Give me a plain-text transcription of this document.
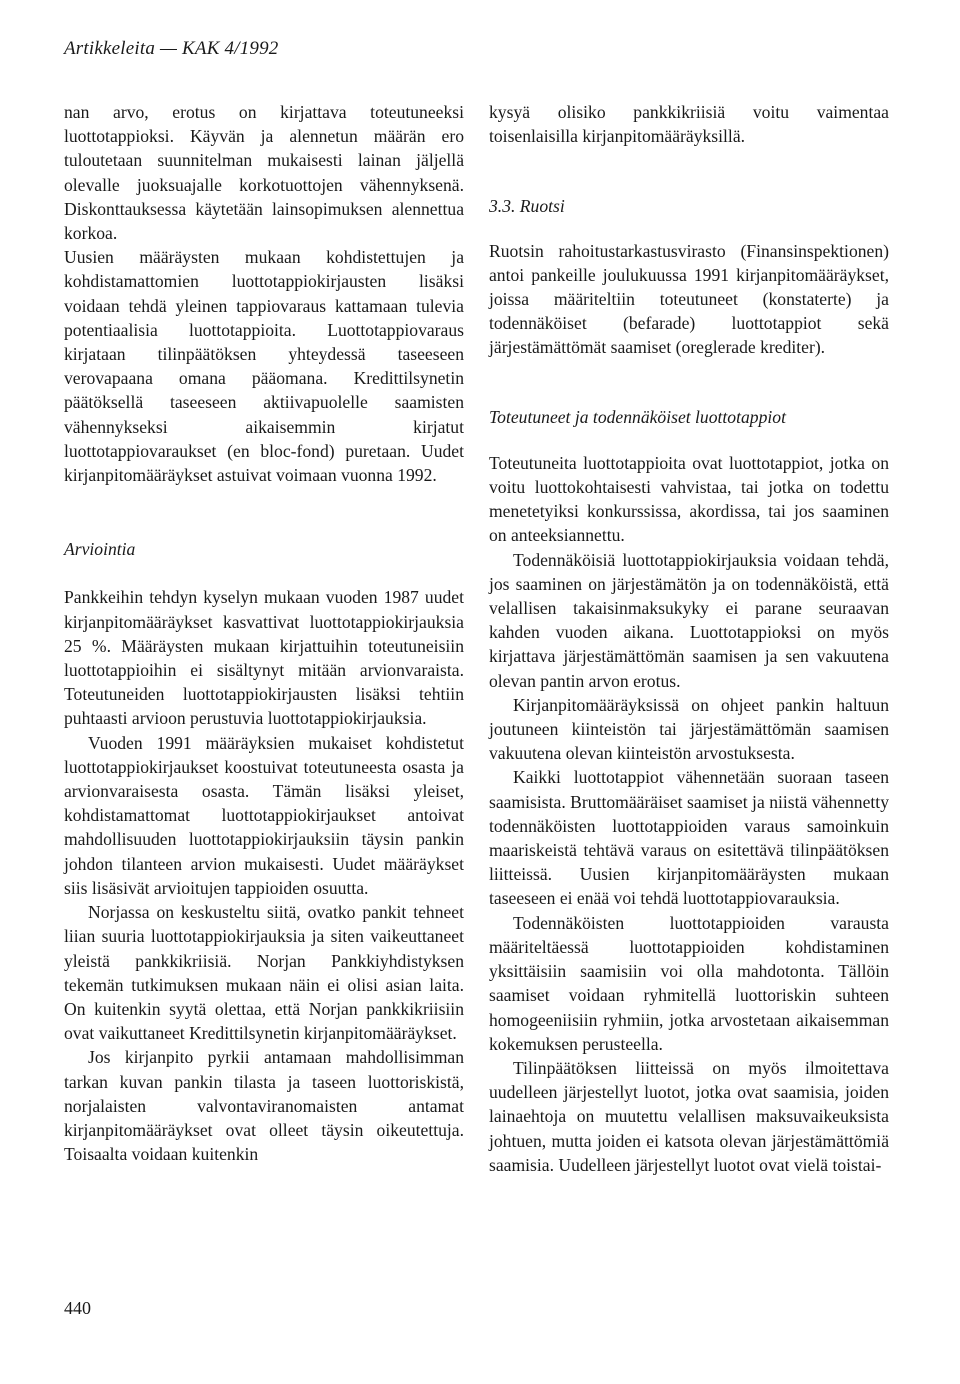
Artikkeleita — KAK 4/1992

nan arvo, erotus on kirjattava toteutuneeksi luottotappioksi. Käyvän ja alennetun määrän ero tuloutetaan suunnitelman mukaisesti lainan jäljellä olevalle juoksuajalle korkotuottojen vähennyksenä. Diskonttauksessa käytetään lainsopimuksen alennettua korkoa.

Uusien määräysten mukaan kohdistettujen ja kohdistamattomien luottotappiokirjausten lisäksi voidaan tehdä yleinen tappiovaraus kattamaan tulevia potentiaalisia luottotappioita. Luottotappiovaraus kirjataan tilinpäätöksen yhteydessä taseeseen verovapaana omana pääomana. Kredittilsynetin päätöksellä taseeseen aktiivapuolelle saamisten vähennykseksi aikaisemmin kirjatut luottotappiovaraukset (en bloc-fond) puretaan. Uudet kirjanpitomääräykset astuivat voimaan vuonna 1992.

Arviointia

Pankkeihin tehdyn kyselyn mukaan vuoden 1987 uudet kirjanpitomääräykset kasvattivat luottotappiokirjauksia 25 %. Määräysten mukaan kirjattuihin toteutuneisiin luottotappioihin ei sisältynyt mitään arvionvaraista. Toteutuneiden luottotappiokirjausten lisäksi tehtiin puhtaasti arvioon perustuvia luottotappiokirjauksia.

Vuoden 1991 määräyksien mukaiset kohdistetut luottotappiokirjaukset koostuivat toteutuneesta osasta ja arvionvaraisesta osasta. Tämän lisäksi yleiset, kohdistamattomat luottotappiokirjaukset antoivat mahdollisuuden luottotappiokirjauksiin täysin pankin johdon tilanteen arvion mukaisesti. Uudet määräykset siis lisäsivät arvioitujen tappioiden osuutta.

Norjassa on keskusteltu siitä, ovatko pankit tehneet liian suuria luottotappiokirjauksia ja siten vaikeuttaneet yleistä pankkikriisiä. Norjan Pankkiyhdistyksen tekemän tutkimuksen mukaan näin ei olisi asian laita. On kuitenkin syytä olettaa, että Norjan pankkikriisiin ovat vaikuttaneet Kredittilsynetin kirjanpitomääräykset.

Jos kirjanpito pyrkii antamaan mahdollisimman tarkan kuvan pankin tilasta ja taseen luottoriskistä, norjalaisten valvontaviranomaisten antamat kirjanpitomääräykset ovat olleet täysin oikeutettuja. Toisaalta voidaan kuitenkin

kysyä olisiko pankkikriisiä voitu vaimentaa toisenlaisilla kirjanpitomääräyksillä.

3.3. Ruotsi

Ruotsin rahoitustarkastusvirasto (Finansinspektionen) antoi pankeille joulukuussa 1991 kirjanpitomääräykset, joissa määriteltiin toteutuneet (konstaterte) ja todennäköiset (befarade) luottotappiot sekä järjestämättömät saamiset (oreglerade krediter).

Toteutuneet ja todennäköiset luottotappiot

Toteutuneita luottotappioita ovat luottotappiot, jotka on voitu luottokohtaisesti vahvistaa, tai jotka on todettu menetetyiksi konkurssissa, akordissa, tai jos saaminen on anteeksiannettu.

Todennäköisiä luottotappiokirjauksia voidaan tehdä, jos saaminen on järjestämätön ja on todennäköistä, että velallisen takaisinmaksukyky ei parane seuraavan kahden vuoden aikana. Luottotappioksi on myös kirjattava järjestämättömän saamisen ja sen vakuutena olevan pantin arvon erotus.

Kirjanpitomääräyksissä on ohjeet pankin haltuun joutuneen kiinteistön tai järjestämättömän saamisen vakuutena olevan kiinteistön arvostuksesta.

Kaikki luottotappiot vähennetään suoraan taseen saamisista. Bruttomääräiset saamiset ja niistä vähennetty todennäköisten luottotappioiden varaus samoinkuin maariskeistä tehtävä varaus on esitettävä tilinpäätöksen liitteissä. Uusien kirjanpitomääräysten mukaan taseeseen ei enää voi tehdä luottotappiovarauksia.

Todennäköisten luottotappioiden varausta määriteltäessä luottotappioiden kohdistaminen yksittäisiin saamisiin voi olla mahdotonta. Tällöin saamiset voidaan ryhmitellä luottoriskin suhteen homogeeniisiin ryhmiin, jotka arvostetaan aikaisemman kokemuksen perusteella.

Tilinpäätöksen liitteissä on myös ilmoitettava uudelleen järjestellyt luotot, jotka ovat saamisia, joiden lainaehtoja on muutettu velallisen maksuvaikeuksista johtuen, mutta joiden ei katsota olevan järjestämättömiä saamisia. Uudelleen järjestellyt luotot ovat vielä toistai-

440
